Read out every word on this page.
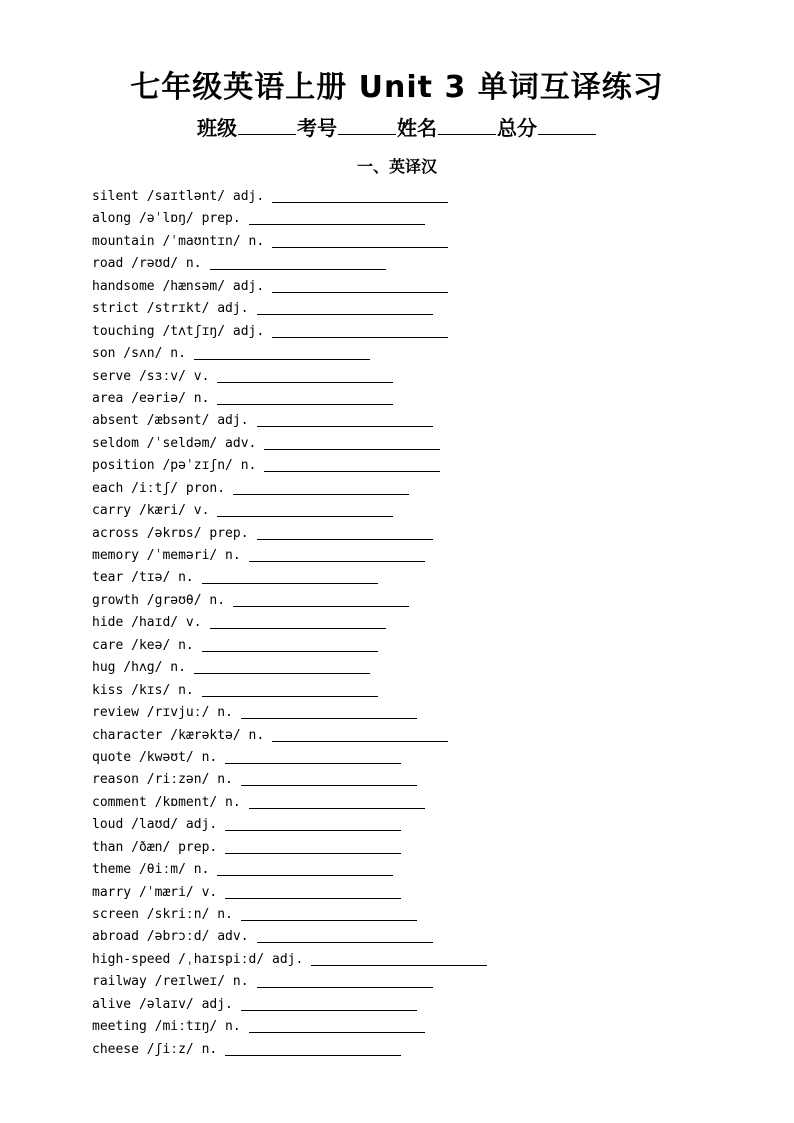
七年级英语上册 Unit 3 单词互译练习
班级	考号	姓名	总分
一、英译汉
silent /saɪtlənt/ adj.
along /əˈlɒŋ/ prep.
mountain /ˈmaʊntɪn/ n.
road /rəʊd/ n.
handsome /hænsəm/ adj.
strict /strɪkt/ adj.
touching /tʌtʃɪŋ/ adj.
son /sʌn/ n.
serve /sɜːv/ v.
area /eəriə/ n.
absent /æbsənt/ adj.
seldom /ˈseldəm/ adv.
position /pəˈzɪʃn/ n.
each /iːtʃ/ pron.
carry /kæri/ v.
across /əkrɒs/ prep.
memory /ˈmeməri/ n.
tear /tɪə/ n.
growth /grəʊθ/ n.
hide /haɪd/ v.
care /keə/ n.
hug /hʌg/ n.
kiss /kɪs/ n.
review /rɪvjuː/ n.
character /kærəktə/ n.
quote /kwəʊt/ n.
reason /riːzən/ n.
comment /kɒment/ n.
loud /laʊd/ adj.
than /ðæn/ prep.
theme /θiːm/ n.
marry /ˈmæri/ v.
screen /skriːn/ n.
abroad /əbrɔːd/ adv.
high-speed /ˌhaɪspiːd/ adj.
railway /reɪlweɪ/ n.
alive /əlaɪv/ adj.
meeting /miːtɪŋ/ n.
cheese /ʃiːz/ n.
